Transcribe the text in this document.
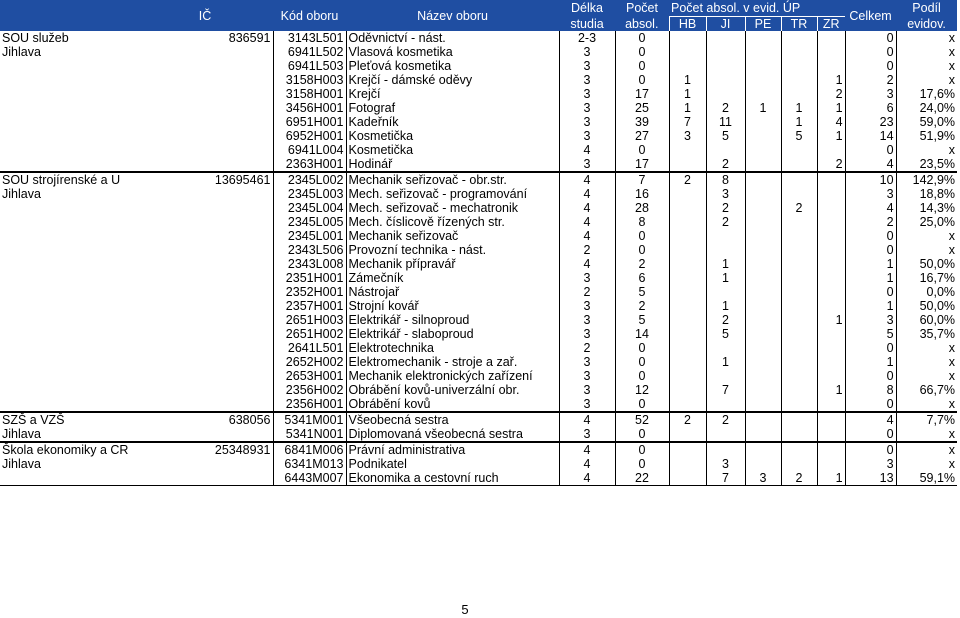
	IČ	Kód oboru	Název oboru	Délka	Počet	Počet absol. v evid. ÚP					Celkem	Podíl
				studia	absol.	HB	JI	PE	TR	ZR		evidov.
SOU služeb	836591	3143L501	Oděvnictví - nást.	2-3	0						0	x
Jihlava		6941L502	Vlasová kosmetika	3	0						0	x
		6941L503	Pleťová kosmetika	3	0						0	x
		3158H003	Krejčí - dámské oděvy	3	0	1				1	2	x
		3158H001	Krejčí	3	17	1				2	3	17,6%
		3456H001	Fotograf	3	25	1	2	1	1	1	6	24,0%
		6951H001	Kadeřník	3	39	7	11		1	4	23	59,0%
		6952H001	Kosmetička	3	27	3	5		5	1	14	51,9%
		6941L004	Kosmetička	4	0						0	x
		2363H001	Hodinář	3	17		2			2	4	23,5%
SOU strojírenské a U	13695461	2345L002	Mechanik seřizovač - obr.str.	4	7	2	8				10	142,9%
Jihlava		2345L003	Mech. seřizovač - programování	4	16		3				3	18,8%
		2345L004	Mech. seřizovač - mechatronik	4	28		2		2		4	14,3%
		2345L005	Mech. číslicově řízených str.	4	8		2				2	25,0%
		2345L001	Mechanik seřizovač	4	0						0	x
		2343L506	Provozní technika - nást.	2	0						0	x
		2343L008	Mechanik přípravář	4	2		1				1	50,0%
		2351H001	Zámečník	3	6		1				1	16,7%
		2352H001	Nástrojař	2	5						0	0,0%
		2357H001	Strojní kovář	3	2		1				1	50,0%
		2651H003	Elektrikář - silnoproud	3	5		2			1	3	60,0%
		2651H002	Elektrikář - slaboproud	3	14		5				5	35,7%
		2641L501	Elektrotechnika	2	0						0	x
		2652H002	Elektromechanik - stroje a zař.	3	0		1				1	x
		2653H001	Mechanik elektronických zařízení	3	0						0	x
		2356H002	Obrábění kovů-univerzální obr.	3	12		7			1	8	66,7%
		2356H001	Obrábění kovů	3	0						0	x
SZŠ a VZŠ	638056	5341M001	Všeobecná sestra	4	52	2	2				4	7,7%
Jihlava		5341N001	Diplomovaná všeobecná sestra	3	0						0	x
Škola ekonomiky a CR	25348931	6841M006	Právní administrativa	4	0						0	x
Jihlava		6341M013	Podnikatel	4	0		3				3	x
		6443M007	Ekonomika a cestovní ruch	4	22		7	3	2	1	13	59,1%
5
